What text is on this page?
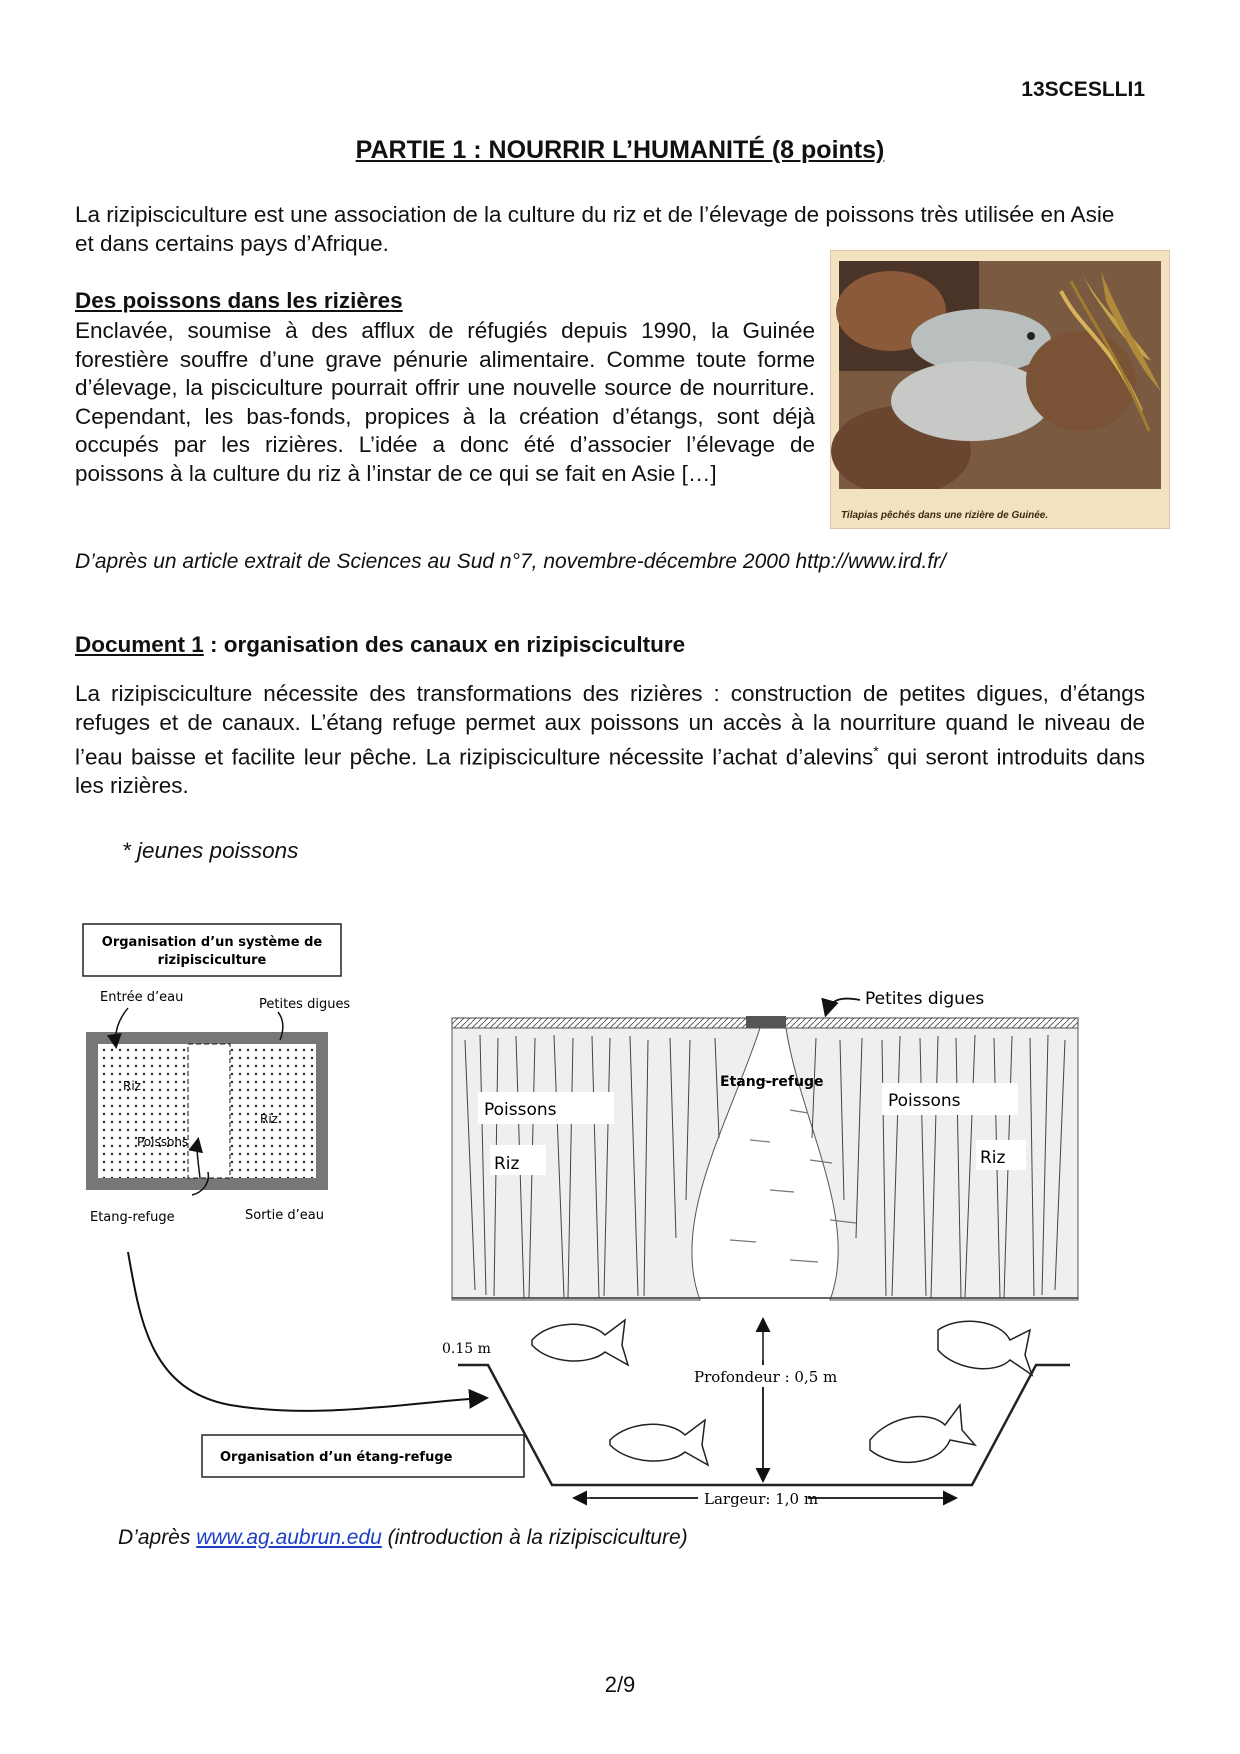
13SCESLLI1
PARTIE 1 : NOURRIR L’HUMANITÉ (8 points)
La rizipisciculture est une association de la culture du riz et de l’élevage de poissons très utilisée en Asie et dans certains pays d’Afrique.
Des poissons dans les rizières
Enclavée, soumise à des afflux de réfugiés depuis 1990, la Guinée forestière souffre d’une grave pénurie alimentaire. Comme toute forme d’élevage, la pisciculture pourrait offrir une nouvelle source de nourriture. Cependant, les bas-fonds, propices à la création d’étangs, sont déjà occupés par les rizières. L’idée a donc été d’associer l’élevage de poissons à la culture du riz à l’instar de ce qui se fait en Asie […]
Tilapias pêchés dans une rizière de Guinée.
D’après un article extrait de Sciences au Sud n°7, novembre-décembre 2000 http://www.ird.fr/
Document 1 : organisation des canaux en rizipisciculture
La rizipisciculture nécessite des transformations des rizières : construction de petites digues, d’étangs refuges et de canaux. L’étang refuge permet aux poissons un accès à la nourriture quand le niveau de l’eau baisse et facilite leur pêche. La rizipisciculture nécessite l’achat d’alevins* qui seront introduits dans les rizières.
* jeunes poissons
Organisation d’un système de
rizipisciculture
Entrée d’eau	Petites digues
Riz
Riz
Poissons
Etang-refuge	Sortie d’eau
Organisation d’un étang-refuge
Poissons
Riz
Etang-refuge
Poissons
Riz
Petites digues
0.15 m
Profondeur : 0,5 m
Largeur: 1,0 m
D’après www.ag.aubrun.edu (introduction à la rizipisciculture)
2/9
